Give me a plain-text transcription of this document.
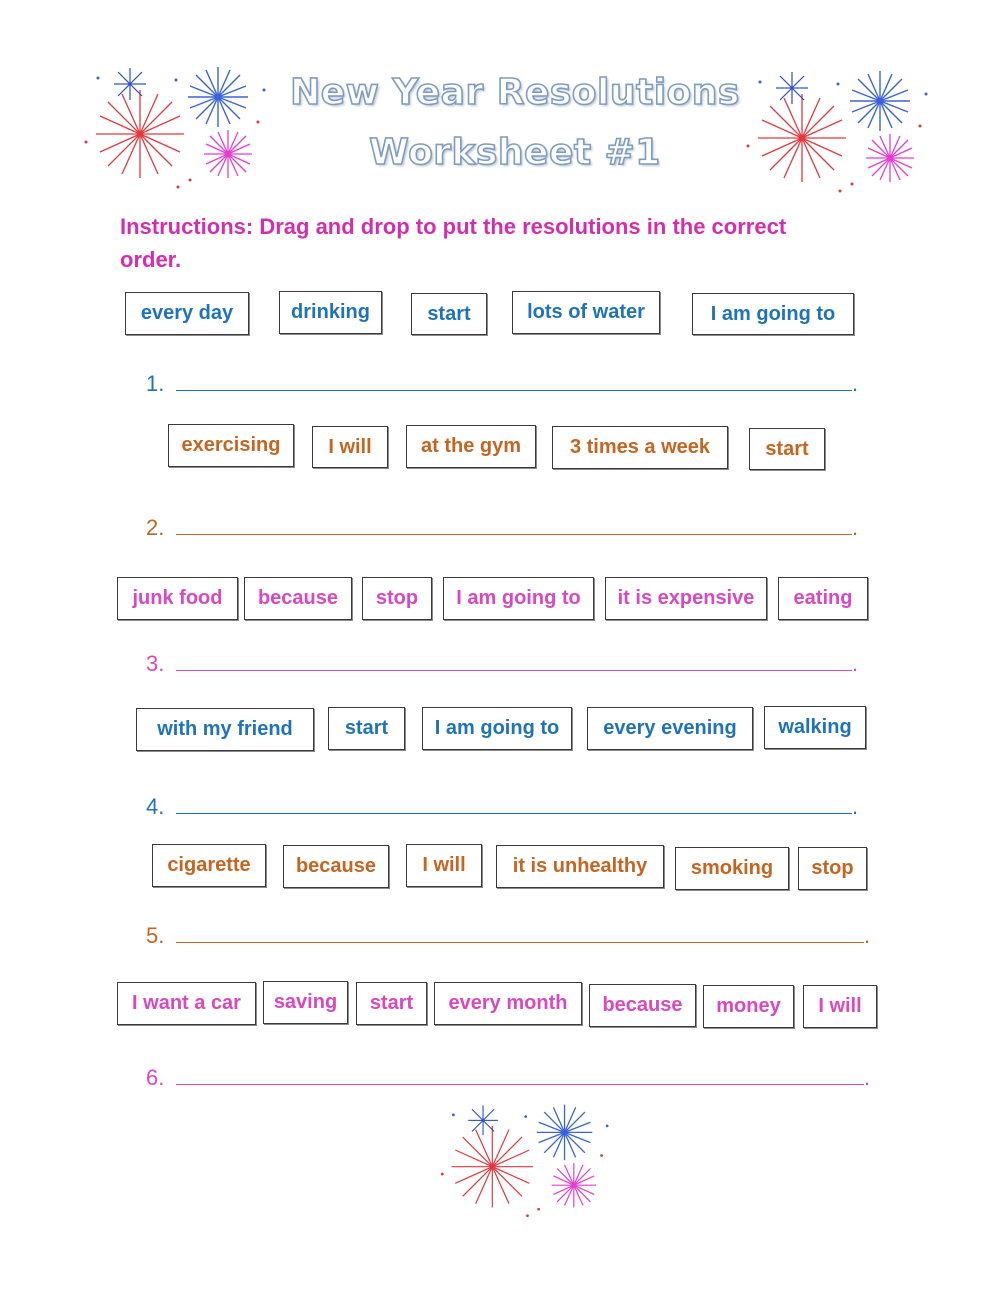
New Year Resolutions
Worksheet #1
Instructions: Drag and drop to put the resolutions in the correct order.
every day	drinking	start	lots of water	I am going to
1.	.
exercising	I will	at the gym	3 times a week	start
2.	.
junk food	because	stop	I am going to	it is expensive	eating
3.	.
with my friend	start	I am going to	every evening	walking
4.	.
cigarette	because	I will	it is unhealthy	smoking	stop
5.	.
I want a car	saving	start	every month	because	money	I will
6.	.
